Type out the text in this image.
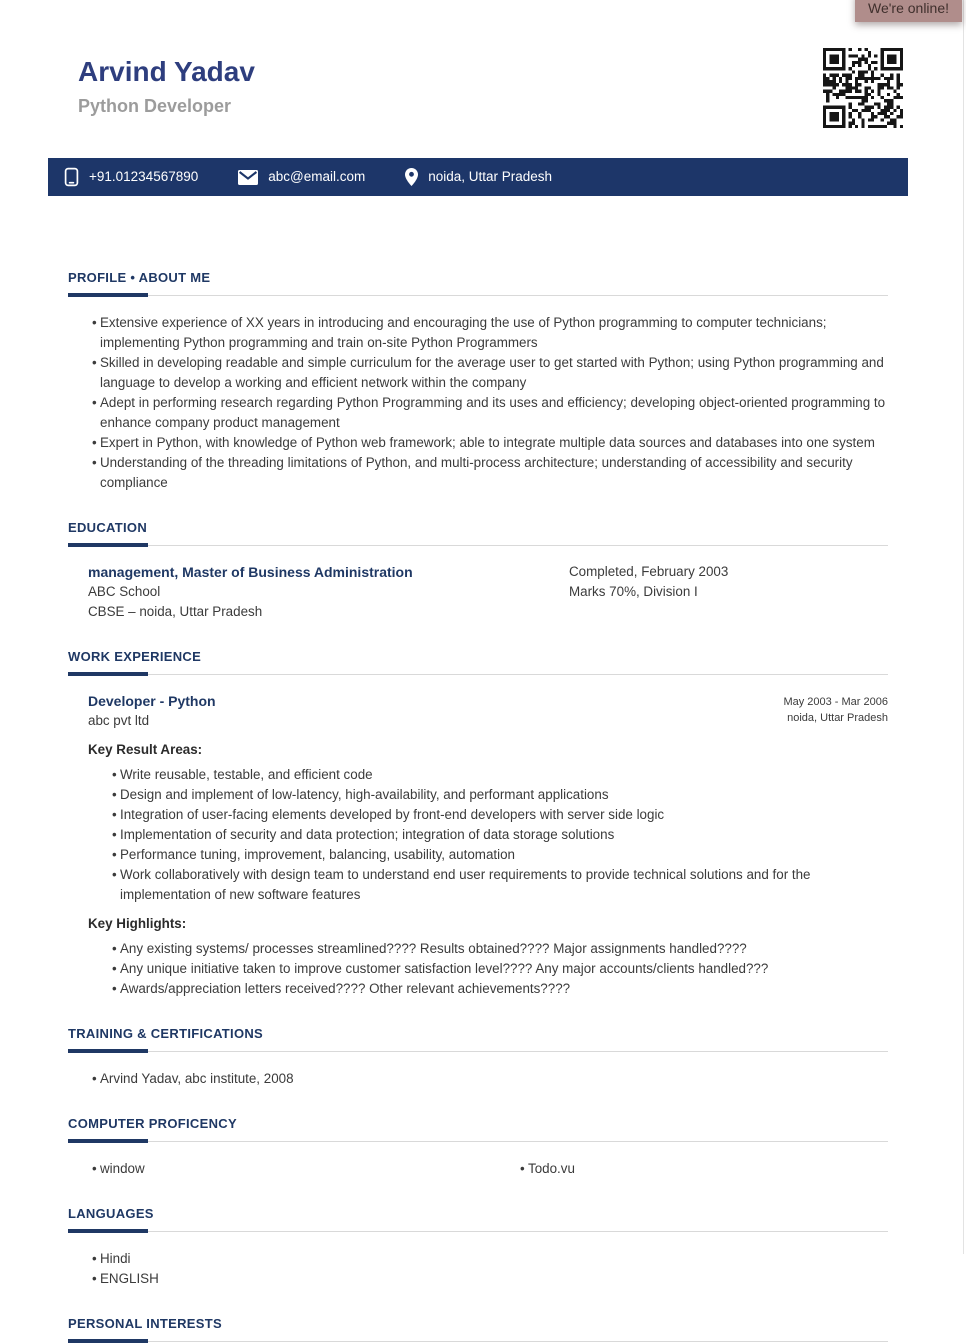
We're online!
Arvind Yadav
Python Developer
+91.01234567890	abc@email.com	noida, Uttar Pradesh
PROFILE • ABOUT ME
• Extensive experience of XX years in introducing and encouraging the use of Python programming to computer technicians; implementing Python programming and train on-site Python Programmers
• Skilled in developing readable and simple curriculum for the average user to get started with Python; using Python programming and language to develop a working and efficient network within the company
• Adept in performing research regarding Python Programming and its uses and efficiency; developing object-oriented programming to enhance company product management
• Expert in Python, with knowledge of Python web framework; able to integrate multiple data sources and databases into one system
• Understanding of the threading limitations of Python, and multi-process architecture; understanding of accessibility and security compliance
EDUCATION
management, Master of Business Administration
ABC School
CBSE – noida, Uttar Pradesh
Completed, February 2003
Marks 70%, Division I
WORK EXPERIENCE
Developer - Python
abc pvt ltd
May 2003 - Mar 2006
noida, Uttar Pradesh
Key Result Areas:
• Write reusable, testable, and efficient code
• Design and implement of low-latency, high-availability, and performant applications
• Integration of user-facing elements developed by front-end developers with server side logic
• Implementation of security and data protection; integration of data storage solutions
• Performance tuning, improvement, balancing, usability, automation
• Work collaboratively with design team to understand end user requirements to provide technical solutions and for the implementation of new software features
Key Highlights:
• Any existing systems/ processes streamlined???? Results obtained???? Major assignments handled????
• Any unique initiative taken to improve customer satisfaction level???? Any major accounts/clients handled???
• Awards/appreciation letters received???? Other relevant achievements????
TRAINING & CERTIFICATIONS
• Arvind Yadav, abc institute, 2008
COMPUTER PROFICENCY
• window	• Todo.vu
LANGUAGES
• Hindi
• ENGLISH
PERSONAL INTERESTS
